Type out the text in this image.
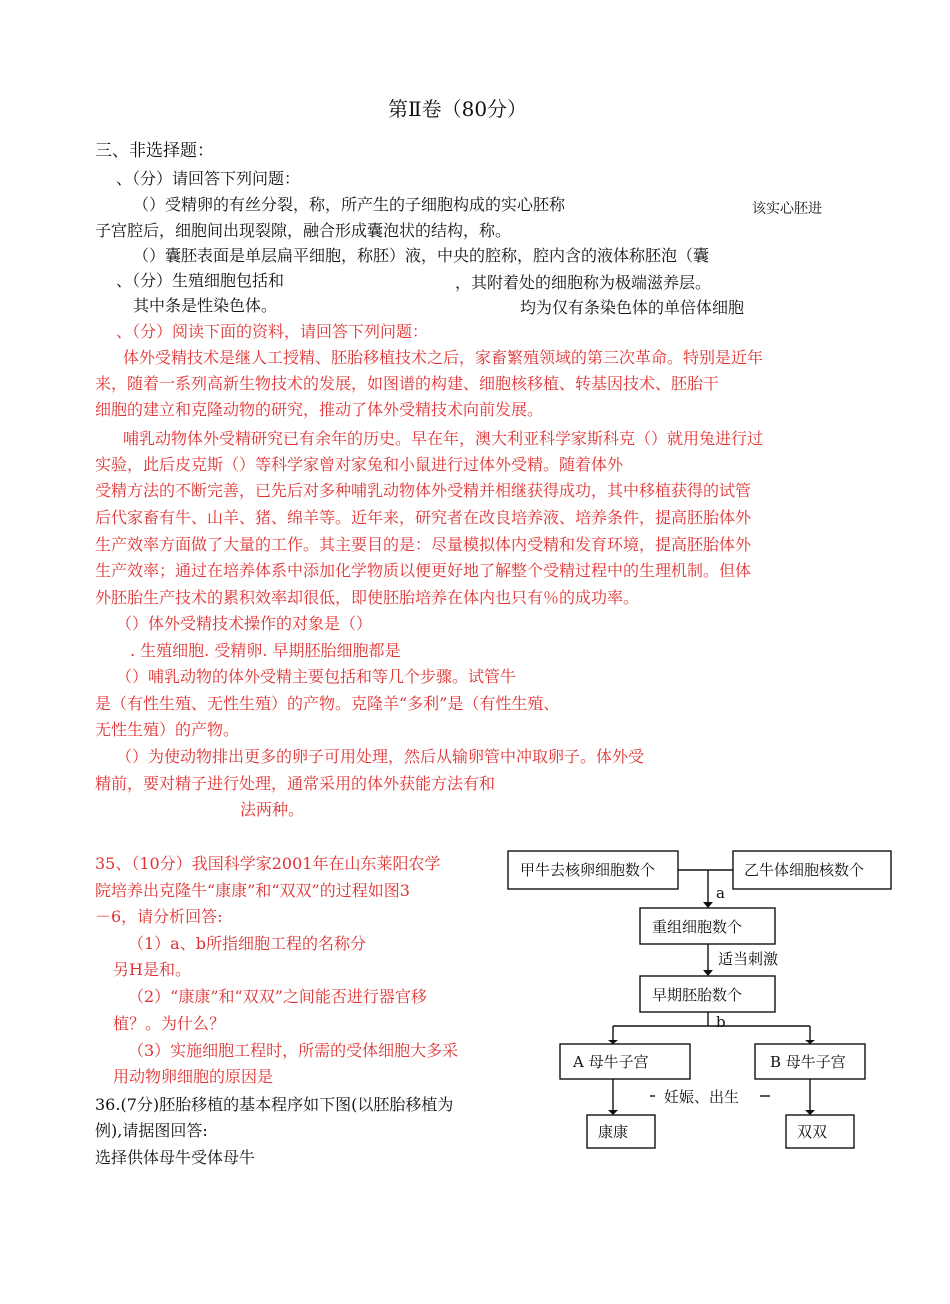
第Ⅱ卷（80分）
三、非选择题：
、（分）请回答下列问题：
（）受精卵的有丝分裂，称，所产生的子细胞构成的实心胚称	该实心胚进
子宫腔后，细胞间出现裂隙，融合形成囊泡状的结构，称。
（）囊胚表面是单层扁平细胞，称胚）液，中央的腔称，腔内含的液体称胚泡（囊
、（分）生殖细胞包括和	，其附着处的细胞称为极端滋养层。
其中条是性染色体。	均为仅有条染色体的单倍体细胞
、（分）阅读下面的资料，请回答下列问题：
体外受精技术是继人工授精、胚胎移植技术之后，家畜繁殖领域的第三次革命。特别是近年
来，随着一系列高新生物技术的发展，如图谱的构建、细胞核移植、转基因技术、胚胎干
细胞的建立和克隆动物的研究，推动了体外受精技术向前发展。
哺乳动物体外受精研究已有余年的历史。早在年，澳大利亚科学家斯科克（）就用兔进行过
实验，此后皮克斯（）等科学家曾对家兔和小鼠进行过体外受精。随着体外
受精方法的不断完善，已先后对多种哺乳动物体外受精并相继获得成功，其中移植获得的试管
后代家畜有牛、山羊、猪、绵羊等。近年来，研究者在改良培养液、培养条件，提高胚胎体外
生产效率方面做了大量的工作。其主要目的是：尽量模拟体内受精和发育环境，提高胚胎体外
生产效率；通过在培养体系中添加化学物质以便更好地了解整个受精过程中的生理机制。但体
外胚胎生产技术的累积效率却很低，即使胚胎培养在体内也只有％的成功率。
（）体外受精技术操作的对象是（）
. 生殖细胞. 受精卵. 早期胚胎细胞都是
（）哺乳动物的体外受精主要包括和等几个步骤。试管牛
是（有性生殖、无性生殖）的产物。克隆羊“多利”是（有性生殖、
无性生殖）的产物。
（）为使动物排出更多的卵子可用处理，然后从输卵管中冲取卵子。体外受
精前，要对精子进行处理，通常采用的体外获能方法有和
法两种。
35、（10分）我国科学家2001年在山东莱阳农学
院培养出克隆牛“康康”和“双双”的过程如图3
－6，请分析回答:
（1）a、b所指细胞工程的名称分
另H是和。
（2）“康康”和“双双”之间能否进行器官移
植？。为什么？
（3）实施细胞工程时，所需的受体细胞大多采
用动物卵细胞的原因是
36.(7分)胚胎移植的基本程序如下图(以胚胎移植为
例),请据图回答:
选择供体母牛受体母牛
甲牛去核卵细胞数个	乙牛体细胞核数个
a
重组细胞数个
适当刺激
早期胚胎数个
b
A 母牛子宫	B 母牛子宫
妊娠、出生
康康	双双
